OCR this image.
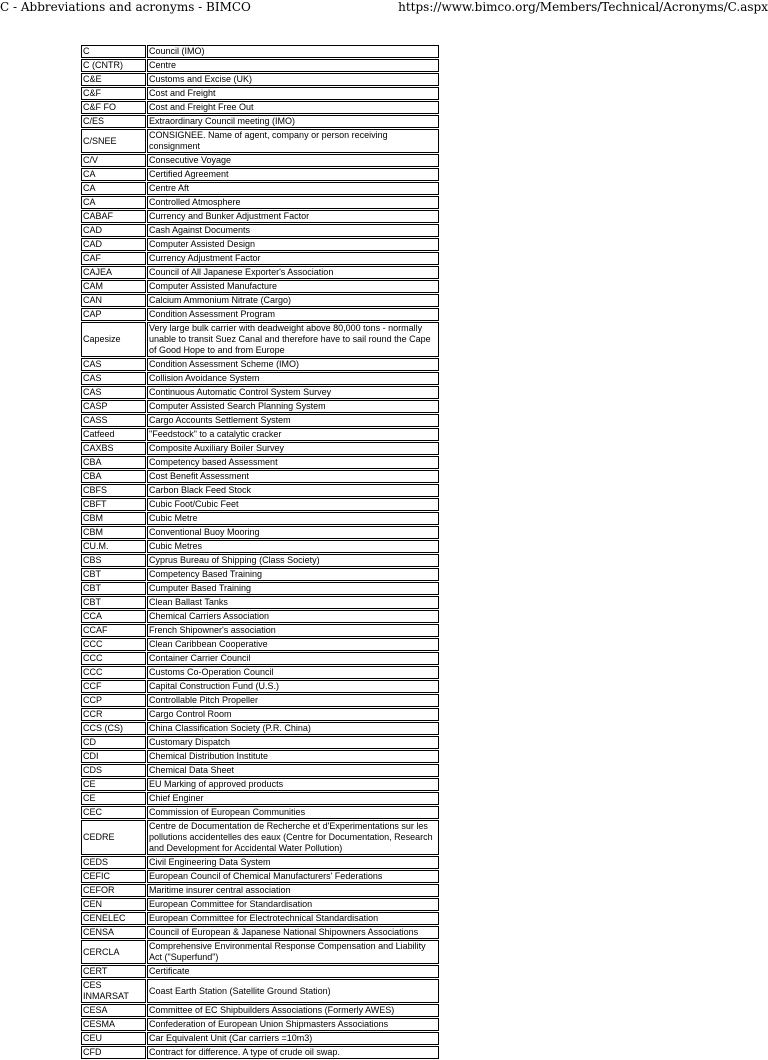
C - Abbreviations and acronyms - BIMCO	https://www.bimco.org/Members/Technical/Acronyms/C.aspx
C	Council (IMO)
C (CNTR)	Centre
C&E	Customs and Excise (UK)
C&F	Cost and Freight
C&F FO	Cost and Freight Free Out
C/ES	Extraordinary Council meeting (IMO)
C/SNEE	CONSIGNEE. Name of agent, company or person receiving consignment
C/V	Consecutive Voyage
CA	Certified Agreement
CA	Centre Aft
CA	Controlled Atmosphere
CABAF	Currency and Bunker Adjustment Factor
CAD	Cash Against Documents
CAD	Computer Assisted Design
CAF	Currency Adjustment Factor
CAJEA	Council of All Japanese Exporter's Association
CAM	Computer Assisted Manufacture
CAN	Calcium Ammonium Nitrate (Cargo)
CAP	Condition Assessment Program
Capesize	Very large bulk carrier with deadweight above 80,000 tons - normally unable to transit Suez Canal and therefore have to sail round the Cape of Good Hope to and from Europe
CAS	Condition Assessment Scheme (IMO)
CAS	Collision Avoidance System
CAS	Continuous Automatic Control System Survey
CASP	Computer Assisted Search Planning System
CASS	Cargo Accounts Settlement System
Catfeed	"Feedstock" to a catalytic cracker
CAXBS	Composite Auxiliary Boiler Survey
CBA	Competency based Assessment
CBA	Cost Benefit Assessment
CBFS	Carbon Black Feed Stock
CBFT	Cubic Foot/Cubic Feet
CBM	Cubic Metre
CBM	Conventional Buoy Mooring
CU.M.	Cubic Metres
CBS	Cyprus Bureau of Shipping (Class Society)
CBT	Competency Based Training
CBT	Cumputer Based Training
CBT	Clean Ballast Tanks
CCA	Chemical Carriers Association
CCAF	French Shipowner's association
CCC	Clean Caribbean Cooperative
CCC	Container Carrier Council
CCC	Customs Co-Operation Council
CCF	Capital Construction Fund (U.S.)
CCP	Controllable Pitch Propeller
CCR	Cargo Control Room
CCS (CS)	China Classification Society (P.R. China)
CD	Customary Dispatch
CDI	Chemical Distribution Institute
CDS	Chemical Data Sheet
CE	EU Marking of approved products
CE	Chief Enginer
CEC	Commission of European Communities
CEDRE	Centre de Documentation de Recherche et d'Experimentations sur les pollutions accidentelles des eaux (Centre for Documentation, Research and Development for Accidental Water Pollution)
CEDS	Civil Engineering Data System
CEFIC	European Council of Chemical Manufacturers' Federations
CEFOR	Maritime insurer central association
CEN	European Committee for Standardisation
CENELEC	European Committee for Electrotechnical Standardisation
CENSA	Council of European & Japanese National Shipowners Associations
CERCLA	Comprehensive Environmental Response Compensation and Liability Act ("Superfund")
CERT	Certificate
CES INMARSAT	Coast Earth Station (Satellite Ground Station)
CESA	Committee of EC Shipbuilders Associations (Formerly AWES)
CESMA	Confederation of European Union Shipmasters Associations
CEU	Car Equivalent Unit (Car carriers =10m3)
CFD	Contract for difference. A type of crude oil swap.
